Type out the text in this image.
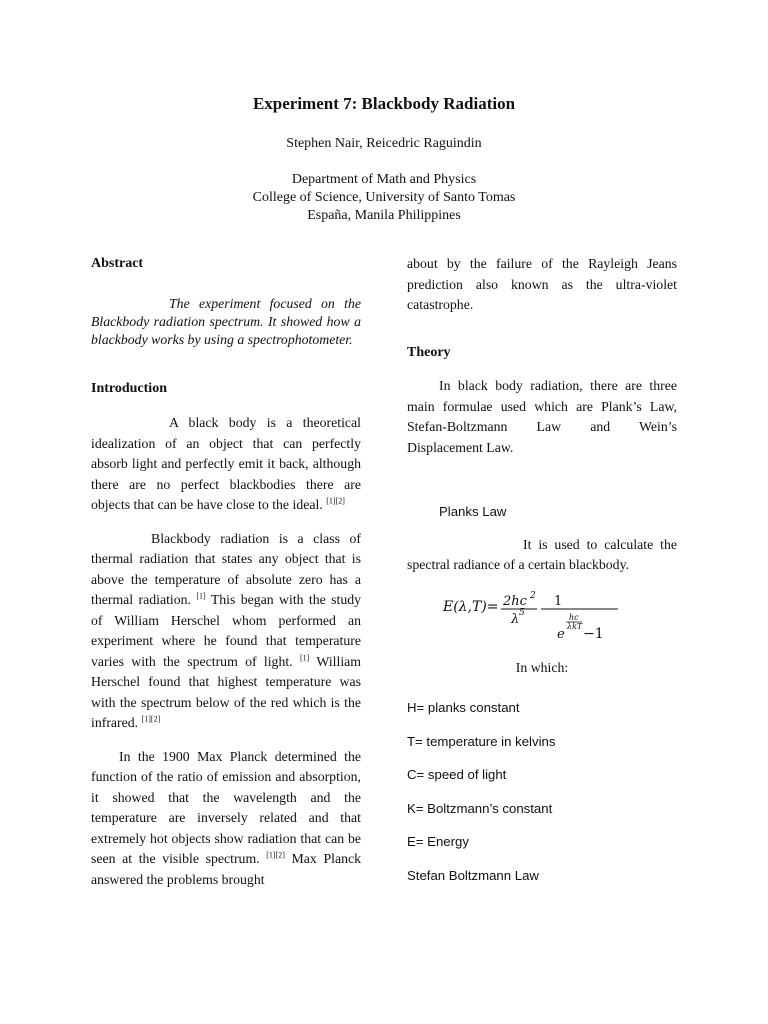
Experiment 7: Blackbody Radiation
Stephen Nair, Reicedric Raguindin
Department of Math and Physics
College of Science, University of Santo Tomas
España, Manila Philippines

Abstract

The experiment focused on the Blackbody radiation spectrum. It showed how a blackbody works by using a spectrophotometer.

Introduction

A black body is a theoretical idealization of an object that can perfectly absorb light and perfectly emit it back, although there are no perfect blackbodies there are objects that can be have close to the ideal. [1][2]

Blackbody radiation is a class of thermal radiation that states any object that is above the temperature of absolute zero has a thermal radiation. [1] This began with the study of William Herschel whom performed an experiment where he found that temperature varies with the spectrum of light. [1] William Herschel found that highest temperature was with the spectrum below of the red which is the infrared. [1][2]

In the 1900 Max Planck determined the function of the ratio of emission and absorption, it showed that the wavelength and the temperature are inversely related and that extremely hot objects show radiation that can be seen at the visible spectrum. [1][2] Max Planck answered the problems brought

about by the failure of the Rayleigh Jeans prediction also known as the ultra-violet catastrophe.

Theory

In black body radiation, there are three main formulae used which are Plank’s Law, Stefan-Boltzmann Law and Wein’s Displacement Law.

Planks Law

It is used to calculate the spectral radiance of a certain blackbody.

E(λ,T)= 2hc 2
λ 5
1
hc
λkT
e −1

In which:

H= planks constant

T= temperature in kelvins

C= speed of light

K= Boltzmann’s constant

E= Energy

Stefan Boltzmann Law
